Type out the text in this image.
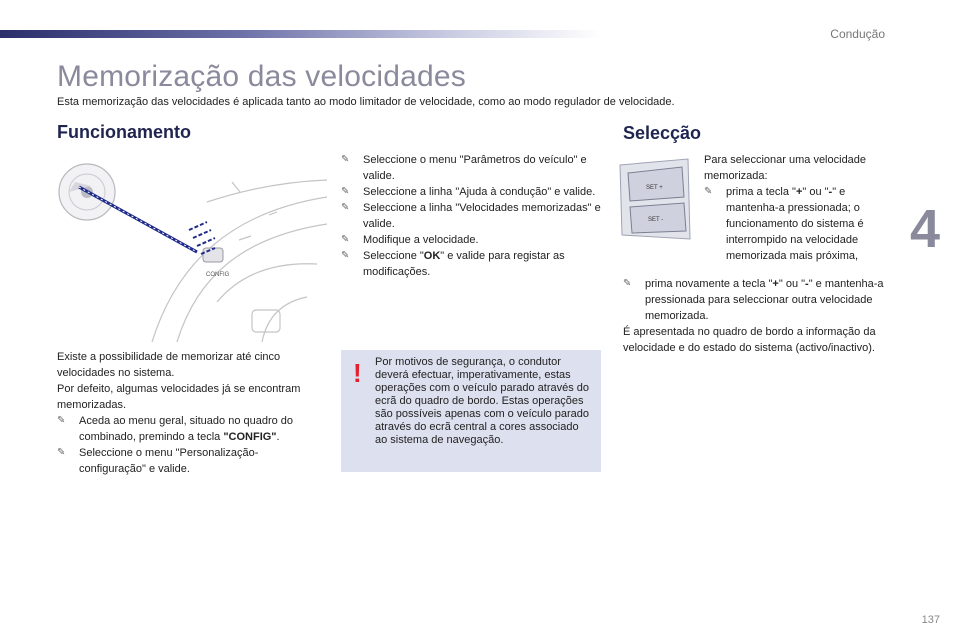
Condução
Memorização das velocidades
Esta memorização das velocidades é aplicada tanto ao modo limitador de velocidade, como ao modo regulador de velocidade.
Funcionamento	Selecção
4
137
CONFIG
SET +
SET -

Existe a possibilidade de memorizar até cinco velocidades no sistema.

Por defeito, algumas velocidades já se encontram memorizadas.

✎ Aceda ao menu geral, situado no quadro do combinado, premindo a tecla "CONFIG".
✎ Seleccione o menu "Personalização-configuração" e valide.
✎ Seleccione o menu "Parâmetros do veículo" e valide.
✎ Seleccione a linha "Ajuda à condução" e valide.
✎ Seleccione a linha "Velocidades memorizadas" e valide.
✎ Modifique a velocidade.
✎ Seleccione "OK" e valide para registar as modificações.
! Por motivos de segurança, o condutor deverá efectuar, imperativamente, estas operações com o veículo parado através do ecrã do quadro de bordo. Estas operações são possíveis apenas com o veículo parado através do ecrã central a cores associado ao sistema de navegação.

Para seleccionar uma velocidade memorizada:

✎ prima a tecla "+" ou "-" e mantenha-a pressionada; o funcionamento do sistema é interrompido na velocidade memorizada mais próxima,
✎ prima novamente a tecla "+" ou "-" e mantenha-a pressionada para seleccionar outra velocidade memorizada.

É apresentada no quadro de bordo a informação da velocidade e do estado do sistema (activo/inactivo).
